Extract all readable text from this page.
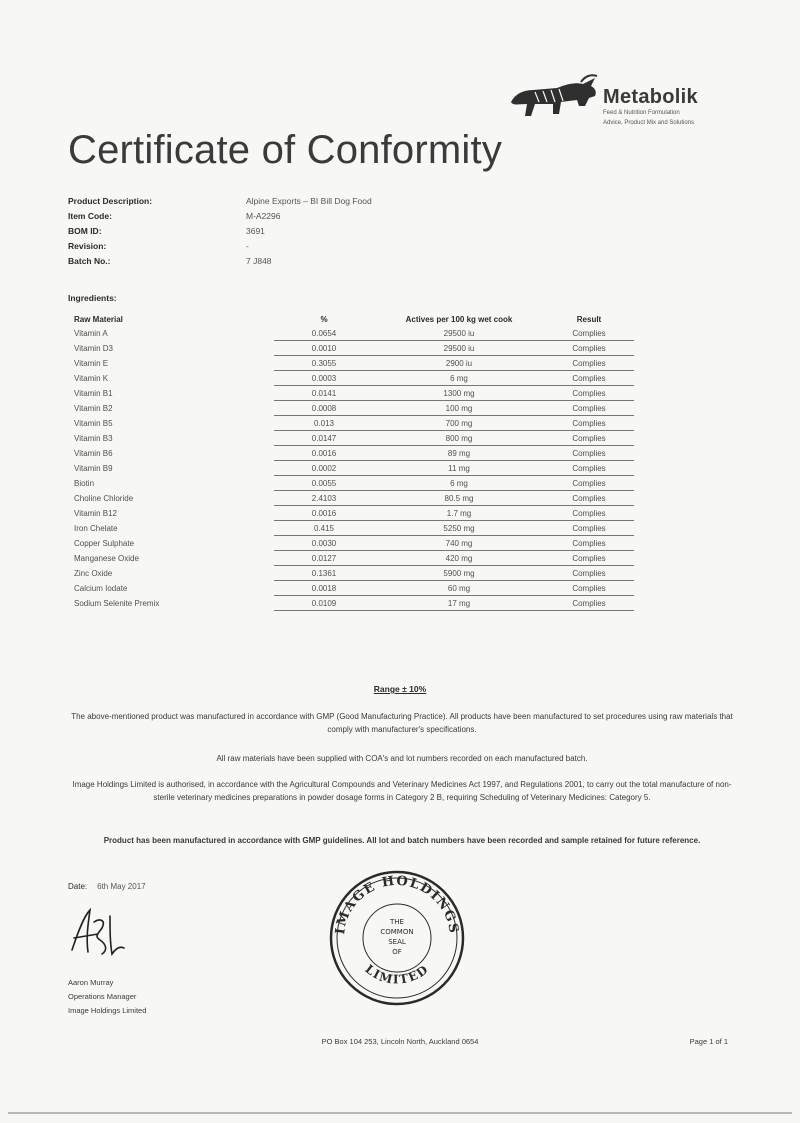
Metabolik
Feed & Nutrition Formulation
Advice, Product Mix and Solutions
Certificate of Conformity
Product Description:	Alpine Exports – BI Bill Dog Food
Item Code:	M-A2296
BOM ID:	3691
Revision:	-
Batch No.:	7 J848
Ingredients:
Raw Material	%	Actives per 100 kg wet cook	Result
Vitamin A	0.0654	29500 iu	Complies
Vitamin D3	0.0010	29500 iu	Complies
Vitamin E	0.3055	2900 iu	Complies
Vitamin K	0.0003	6 mg	Complies
Vitamin B1	0.0141	1300 mg	Complies
Vitamin B2	0.0008	100 mg	Complies
Vitamin B5	0.013	700 mg	Complies
Vitamin B3	0.0147	800 mg	Complies
Vitamin B6	0.0016	89 mg	Complies
Vitamin B9	0.0002	11 mg	Complies
Biotin	0.0055	6 mg	Complies
Choline Chloride	2.4103	80.5 mg	Complies
Vitamin B12	0.0016	1.7 mg	Complies
Iron Chelate	0.415	5250 mg	Complies
Copper Sulphate	0.0030	740 mg	Complies
Manganese Oxide	0.0127	420 mg	Complies
Zinc Oxide	0.1361	5900 mg	Complies
Calcium Iodate	0.0018	60 mg	Complies
Sodium Selenite Premix	0.0109	17 mg	Complies
Range ± 10%
The above-mentioned product was manufactured in accordance with GMP (Good Manufacturing Practice). All products have been manufactured to set procedures using raw materials that comply with manufacturer's specifications.
All raw materials have been supplied with COA's and lot numbers recorded on each manufactured batch.
Image Holdings Limited is authorised, in accordance with the Agricultural Compounds and Veterinary Medicines Act 1997, and Regulations 2001, to carry out the total manufacture of non-sterile veterinary medicines preparations in powder dosage forms in Category 2 B, requiring Scheduling of Veterinary Medicines: Category 5.
Product has been manufactured in accordance with GMP guidelines. All lot and batch numbers have been recorded and sample retained for future reference.
Date: 6th May 2017
Aaron Murray
Operations Manager
Image Holdings Limited
IMAGE HOLDINGS
LIMITED
THE
COMMON
SEAL
OF
PO Box 104 253, Lincoln North, Auckland 0654	Page 1 of 1
